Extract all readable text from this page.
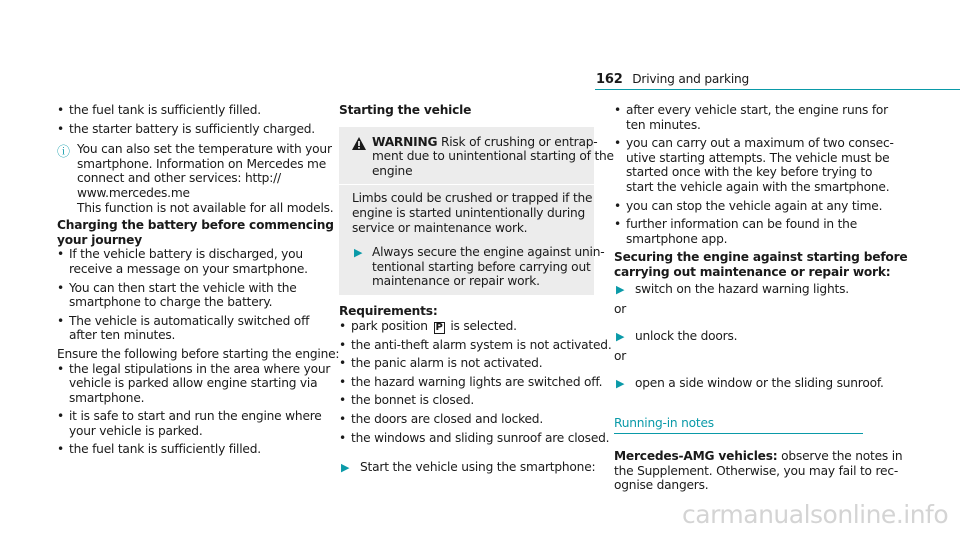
162 Driving and parking
• the fuel tank is sufficiently filled.
• the starter battery is sufficiently charged.
ⓘ You can also set the temperature with your
smartphone. Information on Mercedes me
connect and other services: http://
www.mercedes.me
This function is not available for all models.
Charging the battery before commencing
your journey
• If the vehicle battery is discharged, you
receive a message on your smartphone.
• You can then start the vehicle with the
smartphone to charge the battery.
• The vehicle is automatically switched off
after ten minutes.
Ensure the following before starting the engine:
• the legal stipulations in the area where your
vehicle is parked allow engine starting via
smartphone.
• it is safe to start and run the engine where
your vehicle is parked.
• the fuel tank is sufficiently filled.
Starting the vehicle
WARNING Risk of crushing or entrap-
ment due to unintentional starting of the
engine
Limbs could be crushed or trapped if the
engine is started unintentionally during
service or maintenance work.
▶ Always secure the engine against unin-
tentional starting before carrying out
maintenance or repair work.
Requirements:
• park position P is selected.
• the anti-theft alarm system is not activated.
• the panic alarm is not activated.
• the hazard warning lights are switched off.
• the bonnet is closed.
• the doors are closed and locked.
• the windows and sliding sunroof are closed.
▶ Start the vehicle using the smartphone:
• after every vehicle start, the engine runs for
ten minutes.
• you can carry out a maximum of two consec-
utive starting attempts. The vehicle must be
started once with the key before trying to
start the vehicle again with the smartphone.
• you can stop the vehicle again at any time.
• further information can be found in the
smartphone app.
Securing the engine against starting before
carrying out maintenance or repair work:
▶ switch on the hazard warning lights.
or
▶ unlock the doors.
or
▶ open a side window or the sliding sunroof.
Running-in notes
Mercedes-AMG vehicles: observe the notes in
the Supplement. Otherwise, you may fail to rec-
ognise dangers.
carmanualsonline.info
